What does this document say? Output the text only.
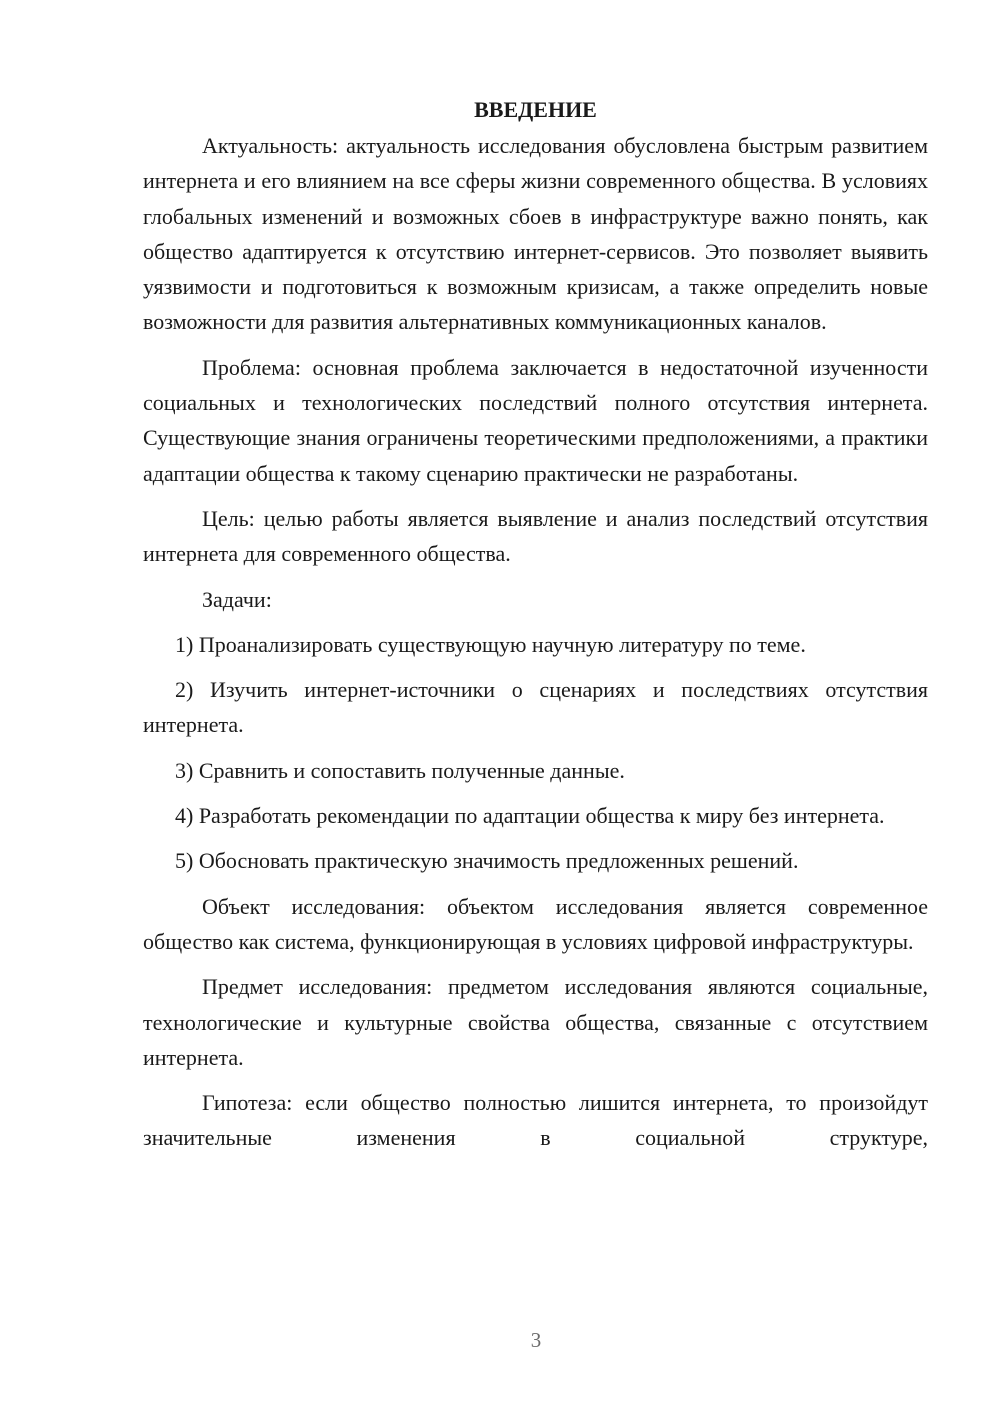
ВВЕДЕНИЕ

Актуальность: актуальность исследования обусловлена быстрым развитием интернета и его влиянием на все сферы жизни современного общества. В условиях глобальных изменений и возможных сбоев в инфраструктуре важно понять, как общество адаптируется к отсутствию интернет-сервисов. Это позволяет выявить уязвимости и подготовиться к возможным кризисам, а также определить новые возможности для развития альтернативных коммуникационных каналов.

Проблема: основная проблема заключается в недостаточной изученности социальных и технологических последствий полного отсутствия интернета. Существующие знания ограничены теоретическими предположениями, а практики адаптации общества к такому сценарию практически не разработаны.

Цель: целью работы является выявление и анализ последствий отсутствия интернета для современного общества.

Задачи:

1) Проанализировать существующую научную литературу по теме.

2) Изучить интернет-источники о сценариях и последствиях отсутствия интернета.

3) Сравнить и сопоставить полученные данные.

4) Разработать рекомендации по адаптации общества к миру без интернета.

5) Обосновать практическую значимость предложенных решений.

Объект исследования: объектом исследования является современное общество как система, функционирующая в условиях цифровой инфраструктуры.

Предмет исследования: предметом исследования являются социальные, технологические и культурные свойства общества, связанные с отсутствием интернета.

Гипотеза: если общество полностью лишится интернета, то произойдут значительные изменения в социальной структуре,

3
